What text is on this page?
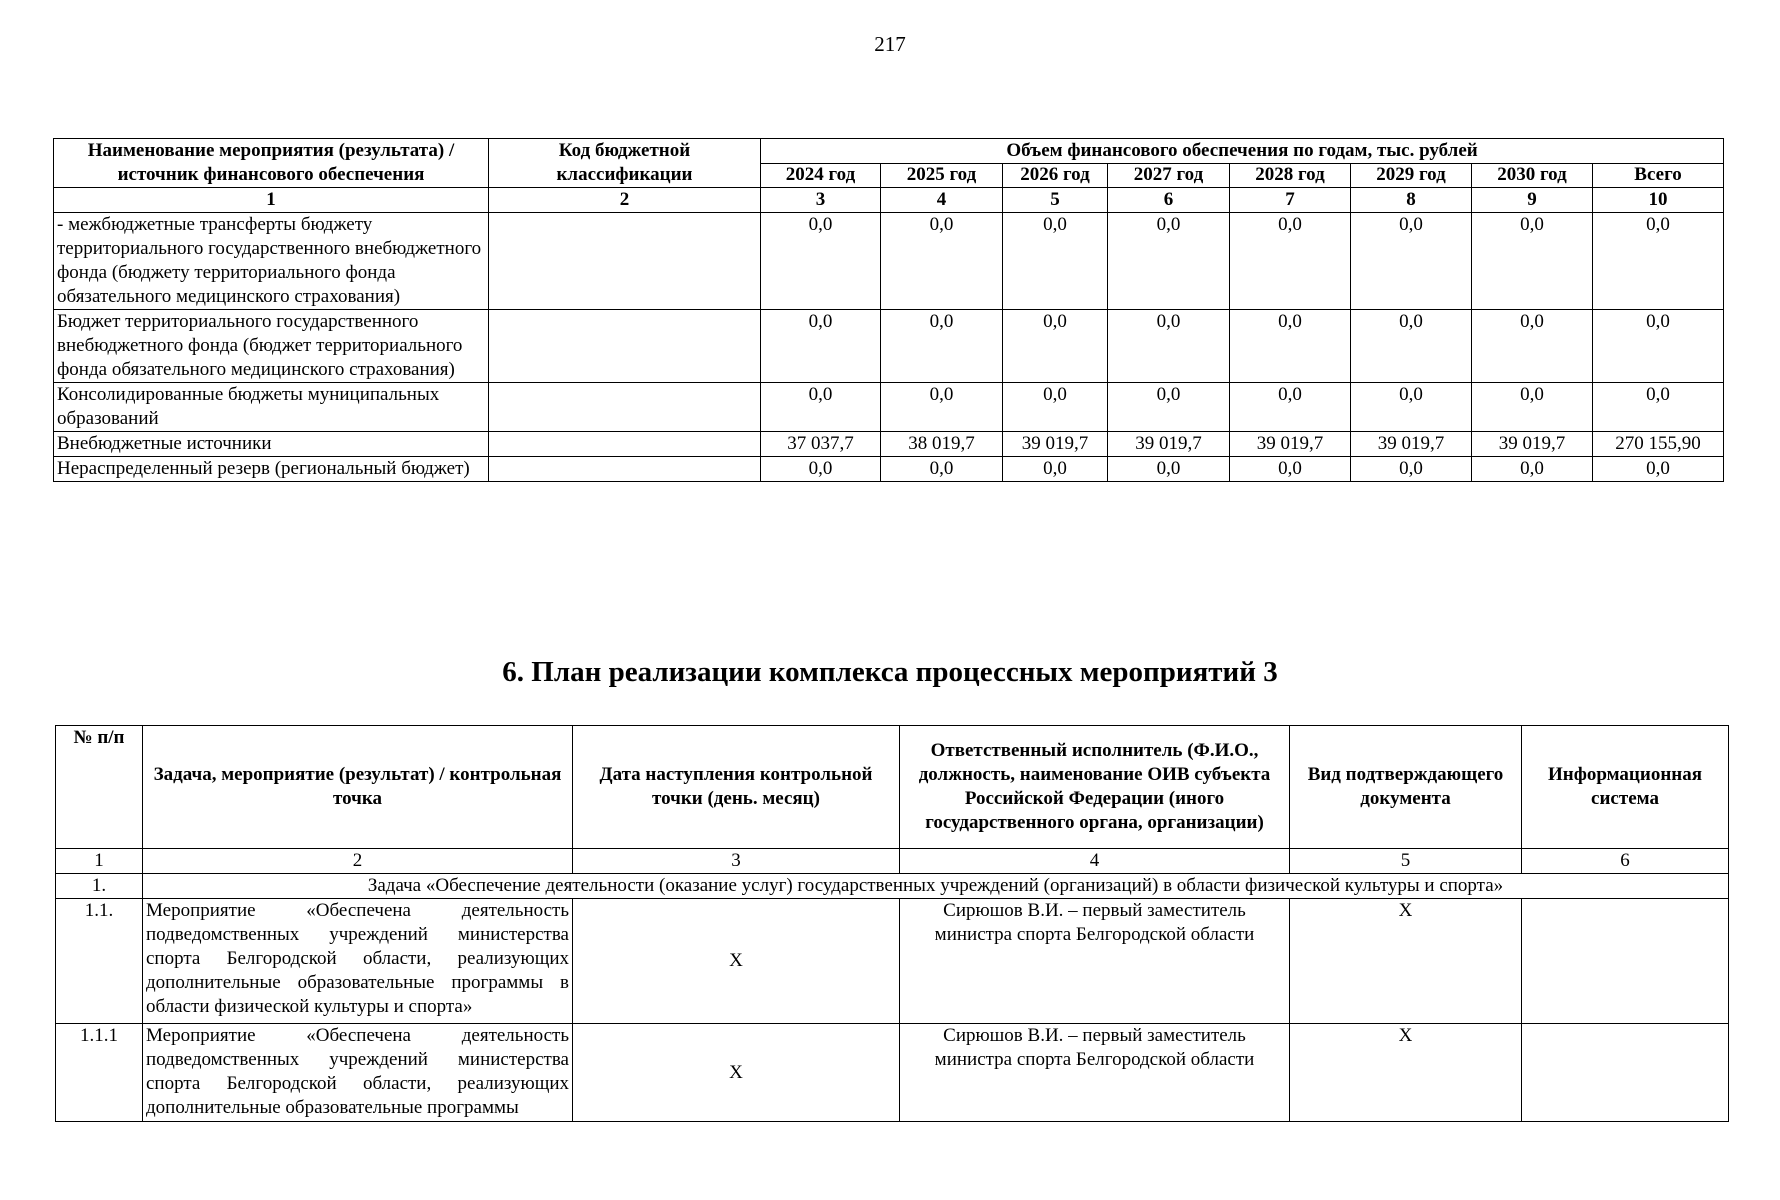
217
Наименование мероприятия (результата) / источник финансового обеспечения	Код бюджетной классификации	Объем финансового обеспечения по годам, тыс. рублей							
		2024 год	2025 год	2026 год	2027 год	2028 год	2029 год	2030 год	Всего
1	2	3	4	5	6	7	8	9	10
- межбюджетные трансферты бюджету территориального государственного внебюджетного фонда (бюджету территориального фонда обязательного медицинского страхования)		0,0	0,0	0,0	0,0	0,0	0,0	0,0	0,0
Бюджет территориального государственного внебюджетного фонда (бюджет территориального фонда обязательного медицинского страхования)		0,0	0,0	0,0	0,0	0,0	0,0	0,0	0,0
Консолидированные бюджеты муниципальных образований		0,0	0,0	0,0	0,0	0,0	0,0	0,0	0,0
Внебюджетные источники		37 037,7	38 019,7	39 019,7	39 019,7	39 019,7	39 019,7	39 019,7	270 155,90
Нераспределенный резерв (региональный бюджет)		0,0	0,0	0,0	0,0	0,0	0,0	0,0	0,0
6. План реализации комплекса процессных мероприятий 3
№ п/п	Задача, мероприятие (результат) / контрольная точка	Дата наступления контрольной точки (день. месяц)	Ответственный исполнитель (Ф.И.О., должность, наименование ОИВ субъекта Российской Федерации (иного государственного органа, организации)	Вид подтверждающего документа	Информационная система
1	2	3	4	5	6
1.	Задача «Обеспечение деятельности (оказание услуг) государственных учреждений (организаций) в области физической культуры и спорта»				
1.1.	Мероприятие «Обеспечена деятельность подведомственных учреждений министерства спорта Белгородской области, реализующих дополнительные образовательные программы в области физической культуры и спорта»	X	Сирюшов В.И. – первый заместитель министра спорта Белгородской области	X	
1.1.1	Мероприятие «Обеспечена деятельность подведомственных учреждений министерства спорта Белгородской области, реализующих дополнительные образовательные программы	X	Сирюшов В.И. – первый заместитель министра спорта Белгородской области	X	
